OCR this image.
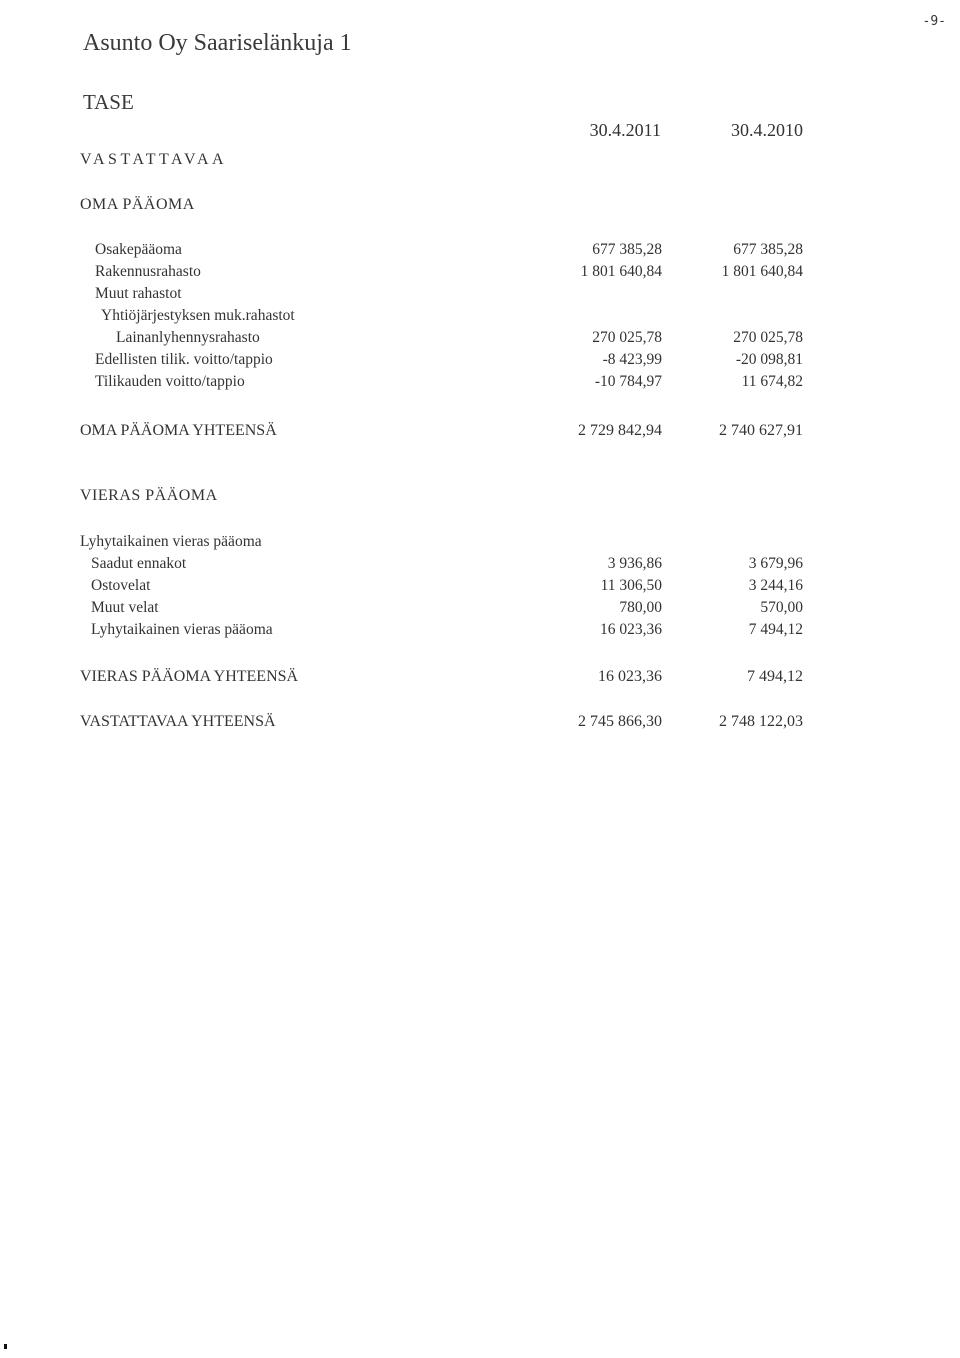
-9-
Asunto Oy Saariselänkuja 1
TASE
30.4.2011	30.4.2010
VASTATTAVAA
OMA PÄÄOMA
Osakepääoma	677 385,28	677 385,28
Rakennusrahasto	1 801 640,84	1 801 640,84
Muut rahastot
Yhtiöjärjestyksen muk.rahastot
Lainanlyhennysrahasto	270 025,78	270 025,78
Edellisten tilik. voitto/tappio	-8 423,99	-20 098,81
Tilikauden voitto/tappio	-10 784,97	11 674,82
OMA PÄÄOMA YHTEENSÄ	2 729 842,94	2 740 627,91
VIERAS PÄÄOMA
Lyhytaikainen vieras pääoma
Saadut ennakot	3 936,86	3 679,96
Ostovelat	11 306,50	3 244,16
Muut velat	780,00	570,00
Lyhytaikainen vieras pääoma	16 023,36	7 494,12
VIERAS PÄÄOMA YHTEENSÄ	16 023,36	7 494,12
VASTATTAVAA YHTEENSÄ	2 745 866,30	2 748 122,03
